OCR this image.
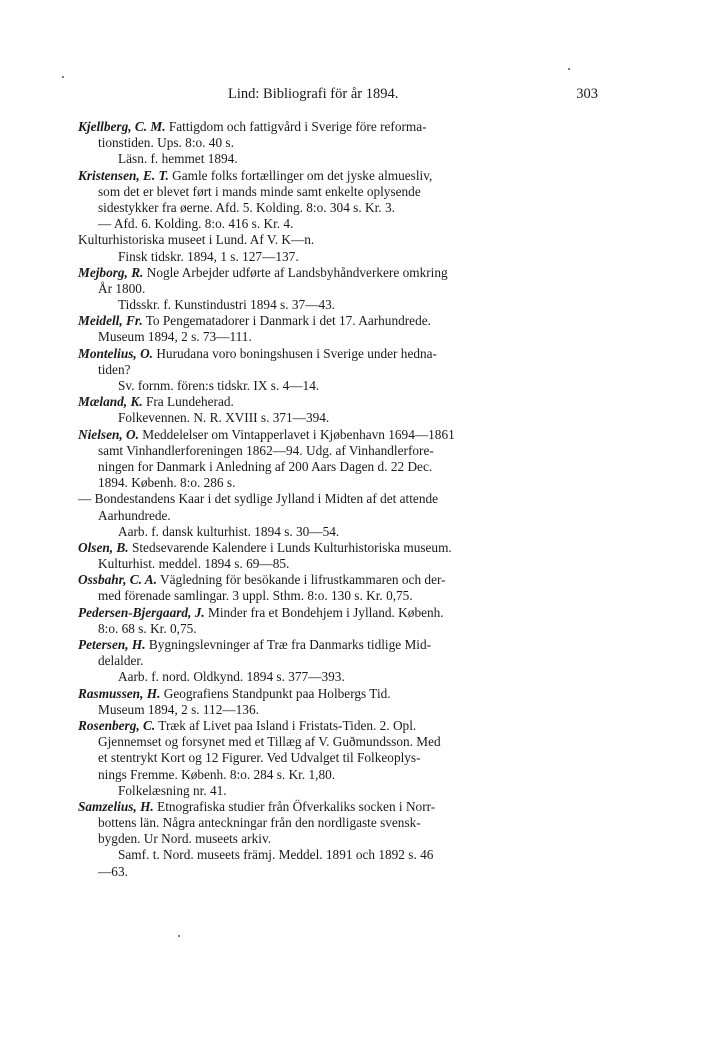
Lind: Bibliografi för år 1894.	303
Kjellberg, C. M. Fattigdom och fattigvård i Sverige före reforma-
tionstiden. Ups. 8:o. 40 s.
Läsn. f. hemmet 1894.
Kristensen, E. T. Gamle folks fortællinger om det jyske almuesliv,
som det er blevet ført i mands minde samt enkelte oplysende
sidestykker fra øerne. Afd. 5. Kolding. 8:o. 304 s. Kr. 3.
— Afd. 6. Kolding. 8:o. 416 s. Kr. 4.
Kulturhistoriska museet i Lund. Af V. K—n.
Finsk tidskr. 1894, 1 s. 127—137.
Mejborg, R. Nogle Arbejder udførte af Landsbyhåndverkere omkring
År 1800.
Tidsskr. f. Kunstindustri 1894 s. 37—43.
Meidell, Fr. To Pengematadorer i Danmark i det 17. Aarhundrede.
Museum 1894, 2 s. 73—111.
Montelius, O. Hurudana voro boningshusen i Sverige under hedna-
tiden?
Sv. fornm. fören:s tidskr. IX s. 4—14.
Mæland, K. Fra Lundeherad.
Folkevennen. N. R. XVIII s. 371—394.
Nielsen, O. Meddelelser om Vintapperlavet i Kjøbenhavn 1694—1861
samt Vinhandlerforeningen 1862—94. Udg. af Vinhandlerfore-
ningen for Danmark i Anledning af 200 Aars Dagen d. 22 Dec.
1894. Københ. 8:o. 286 s.
— Bondestandens Kaar i det sydlige Jylland i Midten af det attende
Aarhundrede.
Aarb. f. dansk kulturhist. 1894 s. 30—54.
Olsen, B. Stedsevarende Kalendere i Lunds Kulturhistoriska museum.
Kulturhist. meddel. 1894 s. 69—85.
Ossbahr, C. A. Vägledning för besökande i lifrustkammaren och der-
med förenade samlingar. 3 uppl. Sthm. 8:o. 130 s. Kr. 0,75.
Pedersen-Bjergaard, J. Minder fra et Bondehjem i Jylland. Københ.
8:o. 68 s. Kr. 0,75.
Petersen, H. Bygningslevninger af Træ fra Danmarks tidlige Mid-
delalder.
Aarb. f. nord. Oldkynd. 1894 s. 377—393.
Rasmussen, H. Geografiens Standpunkt paa Holbergs Tid.
Museum 1894, 2 s. 112—136.
Rosenberg, C. Træk af Livet paa Island i Fristats-Tiden. 2. Opl.
Gjennemset og forsynet med et Tillæg af V. Guðmundsson. Med
et stentrykt Kort og 12 Figurer. Ved Udvalget til Folkeoplys-
nings Fremme. Københ. 8:o. 284 s. Kr. 1,80.
Folkelæsning nr. 41.
Samzelius, H. Etnografiska studier från Öfverkaliks socken i Norr-
bottens län. Några anteckningar från den nordligaste svensk-
bygden. Ur Nord. museets arkiv.
Samf. t. Nord. museets främj. Meddel. 1891 och 1892 s. 46
—63.
